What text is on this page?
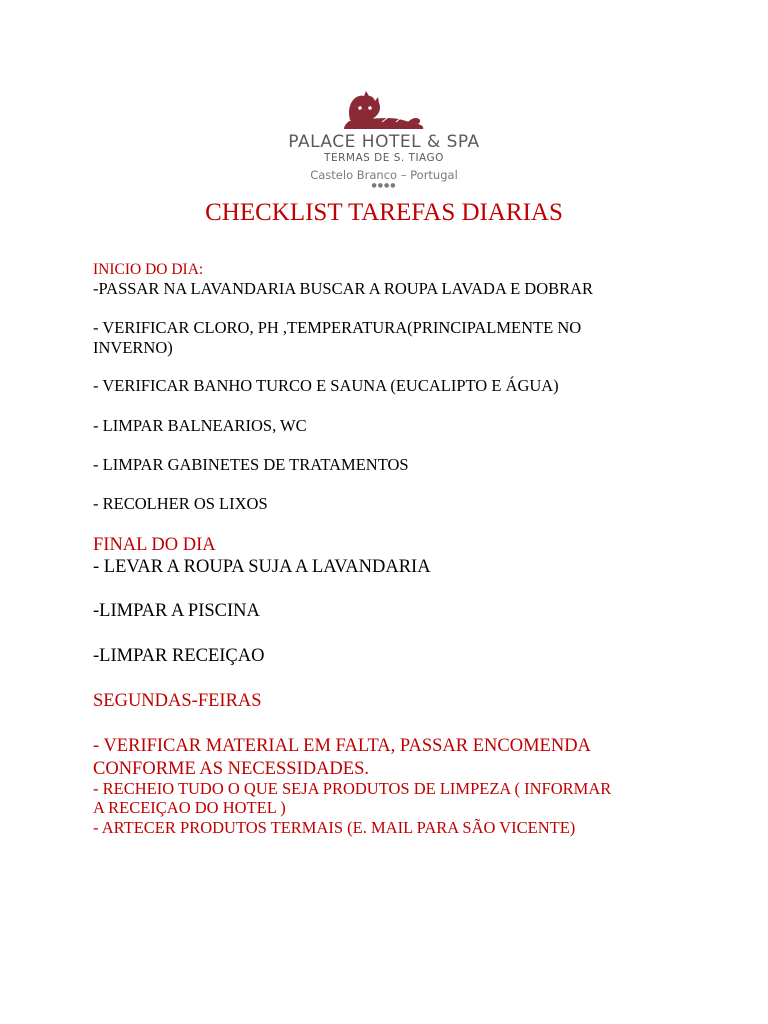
PALACE HOTEL & SPA
TERMAS DE S. TIAGO
Castelo Branco – Portugal
●●●●
CHECKLIST TAREFAS DIARIAS
INICIO DO DIA:
-PASSAR NA LAVANDARIA BUSCAR A ROUPA LAVADA E DOBRAR
- VERIFICAR CLORO, PH ,TEMPERATURA(PRINCIPALMENTE NO
INVERNO)
- VERIFICAR BANHO TURCO E SAUNA (EUCALIPTO E ÁGUA)
- LIMPAR BALNEARIOS, WC
- LIMPAR GABINETES DE TRATAMENTOS
- RECOLHER OS LIXOS
FINAL DO DIA
- LEVAR A ROUPA SUJA A LAVANDARIA
-LIMPAR A PISCINA
-LIMPAR RECEIÇAO
SEGUNDAS-FEIRAS
- VERIFICAR MATERIAL EM FALTA, PASSAR ENCOMENDA
CONFORME AS NECESSIDADES.
- RECHEIO TUDO O QUE SEJA PRODUTOS DE LIMPEZA ( INFORMAR
A RECEIÇAO DO HOTEL )
- ARTECER PRODUTOS TERMAIS (E. MAIL PARA SÃO VICENTE)
